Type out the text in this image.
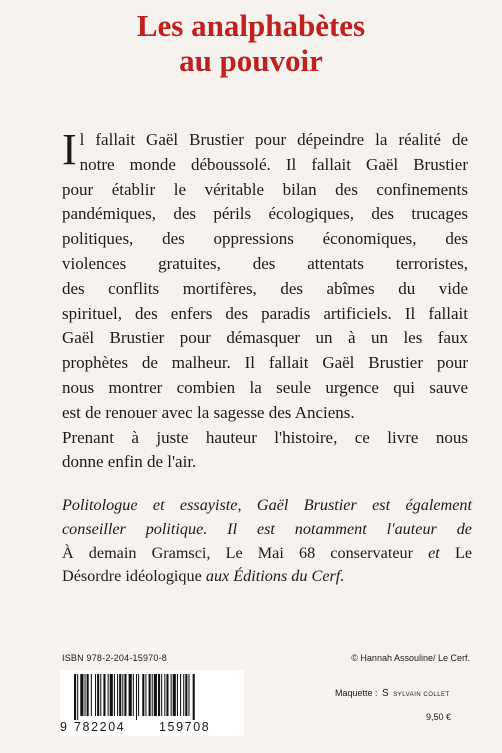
Les analphabètes
au pouvoir
I l fallait Gaël Brustier pour dépeindre la réalité de
notre monde déboussolé. Il fallait Gaël Brustier
pour établir le véritable bilan des confinements
pandémiques, des périls écologiques, des trucages
politiques, des oppressions économiques, des
violences gratuites, des attentats terroristes,
des conflits mortifères, des abîmes du vide
spirituel, des enfers des paradis artificiels. Il fallait
Gaël Brustier pour démasquer un à un les faux
prophètes de malheur. Il fallait Gaël Brustier pour
nous montrer combien la seule urgence qui sauve
est de renouer avec la sagesse des Anciens.
Prenant à juste hauteur l'histoire, ce livre nous
donne enfin de l'air.
Politologue et essayiste, Gaël Brustier est également
conseiller politique. Il est notamment l'auteur de
À demain Gramsci, Le Mai 68 conservateur et Le
Désordre idéologique aux Éditions du Cerf.
ISBN 978-2-204-15970-8	© Hannah Assouline/ Le Cerf.
9 782204	159708
Maquette : S SYLVAIN COLLET
9,50 €
